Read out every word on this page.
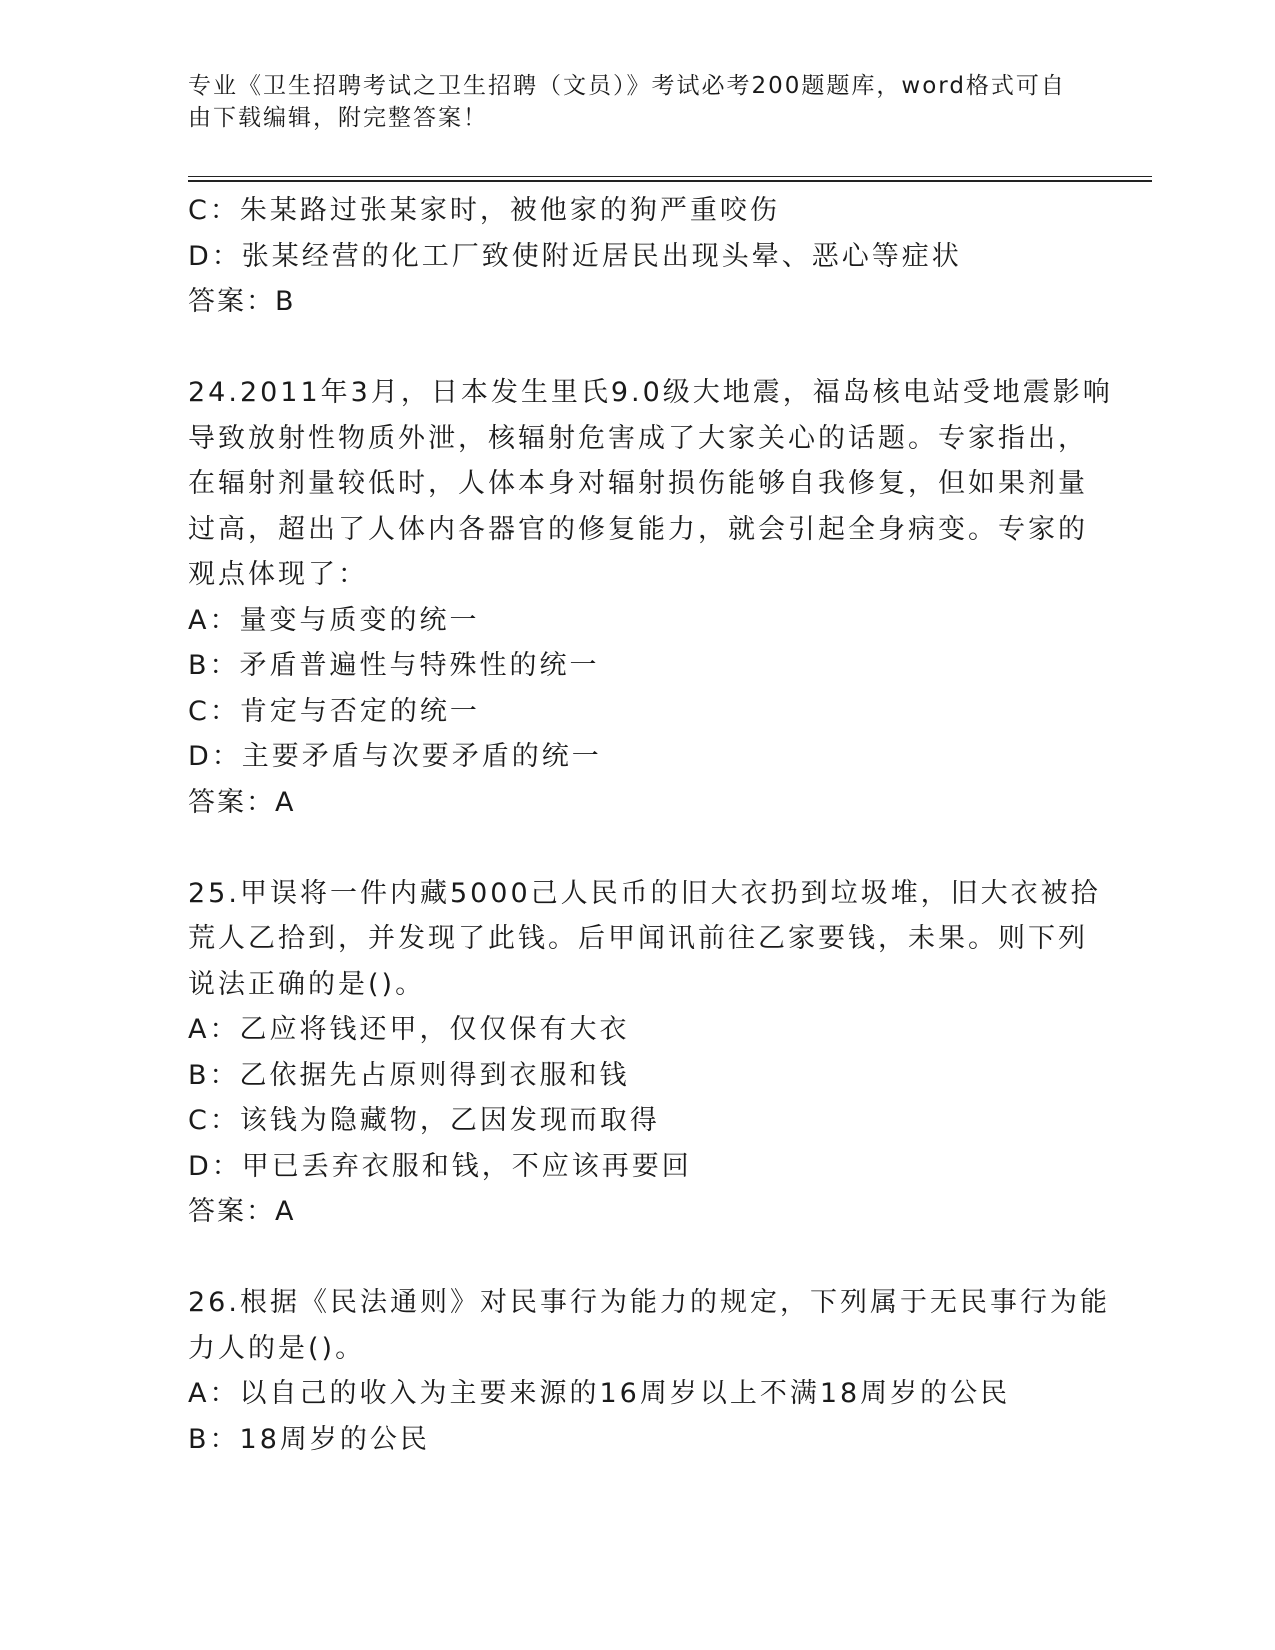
专业《卫生招聘考试之卫生招聘（文员）》考试必考200题题库，word格式可自
由下载编辑，附完整答案！
C：朱某路过张某家时，被他家的狗严重咬伤
D：张某经营的化工厂致使附近居民出现头晕、恶心等症状
答案：B
24.2011年3月，日本发生里氏9.0级大地震，福岛核电站受地震影响
导致放射性物质外泄，核辐射危害成了大家关心的话题。专家指出，
在辐射剂量较低时，人体本身对辐射损伤能够自我修复，但如果剂量
过高，超出了人体内各器官的修复能力，就会引起全身病变。专家的
观点体现了：
A：量变与质变的统一
B：矛盾普遍性与特殊性的统一
C：肯定与否定的统一
D：主要矛盾与次要矛盾的统一
答案：A
25.甲误将一件内藏5000己人民币的旧大衣扔到垃圾堆，旧大衣被拾
荒人乙拾到，并发现了此钱。后甲闻讯前往乙家要钱，未果。则下列
说法正确的是()。
A：乙应将钱还甲，仅仅保有大衣
B：乙依据先占原则得到衣服和钱
C：该钱为隐藏物，乙因发现而取得
D：甲已丢弃衣服和钱，不应该再要回
答案：A
26.根据《民法通则》对民事行为能力的规定，下列属于无民事行为能
力人的是()。
A：以自己的收入为主要来源的16周岁以上不满18周岁的公民
B：18周岁的公民
